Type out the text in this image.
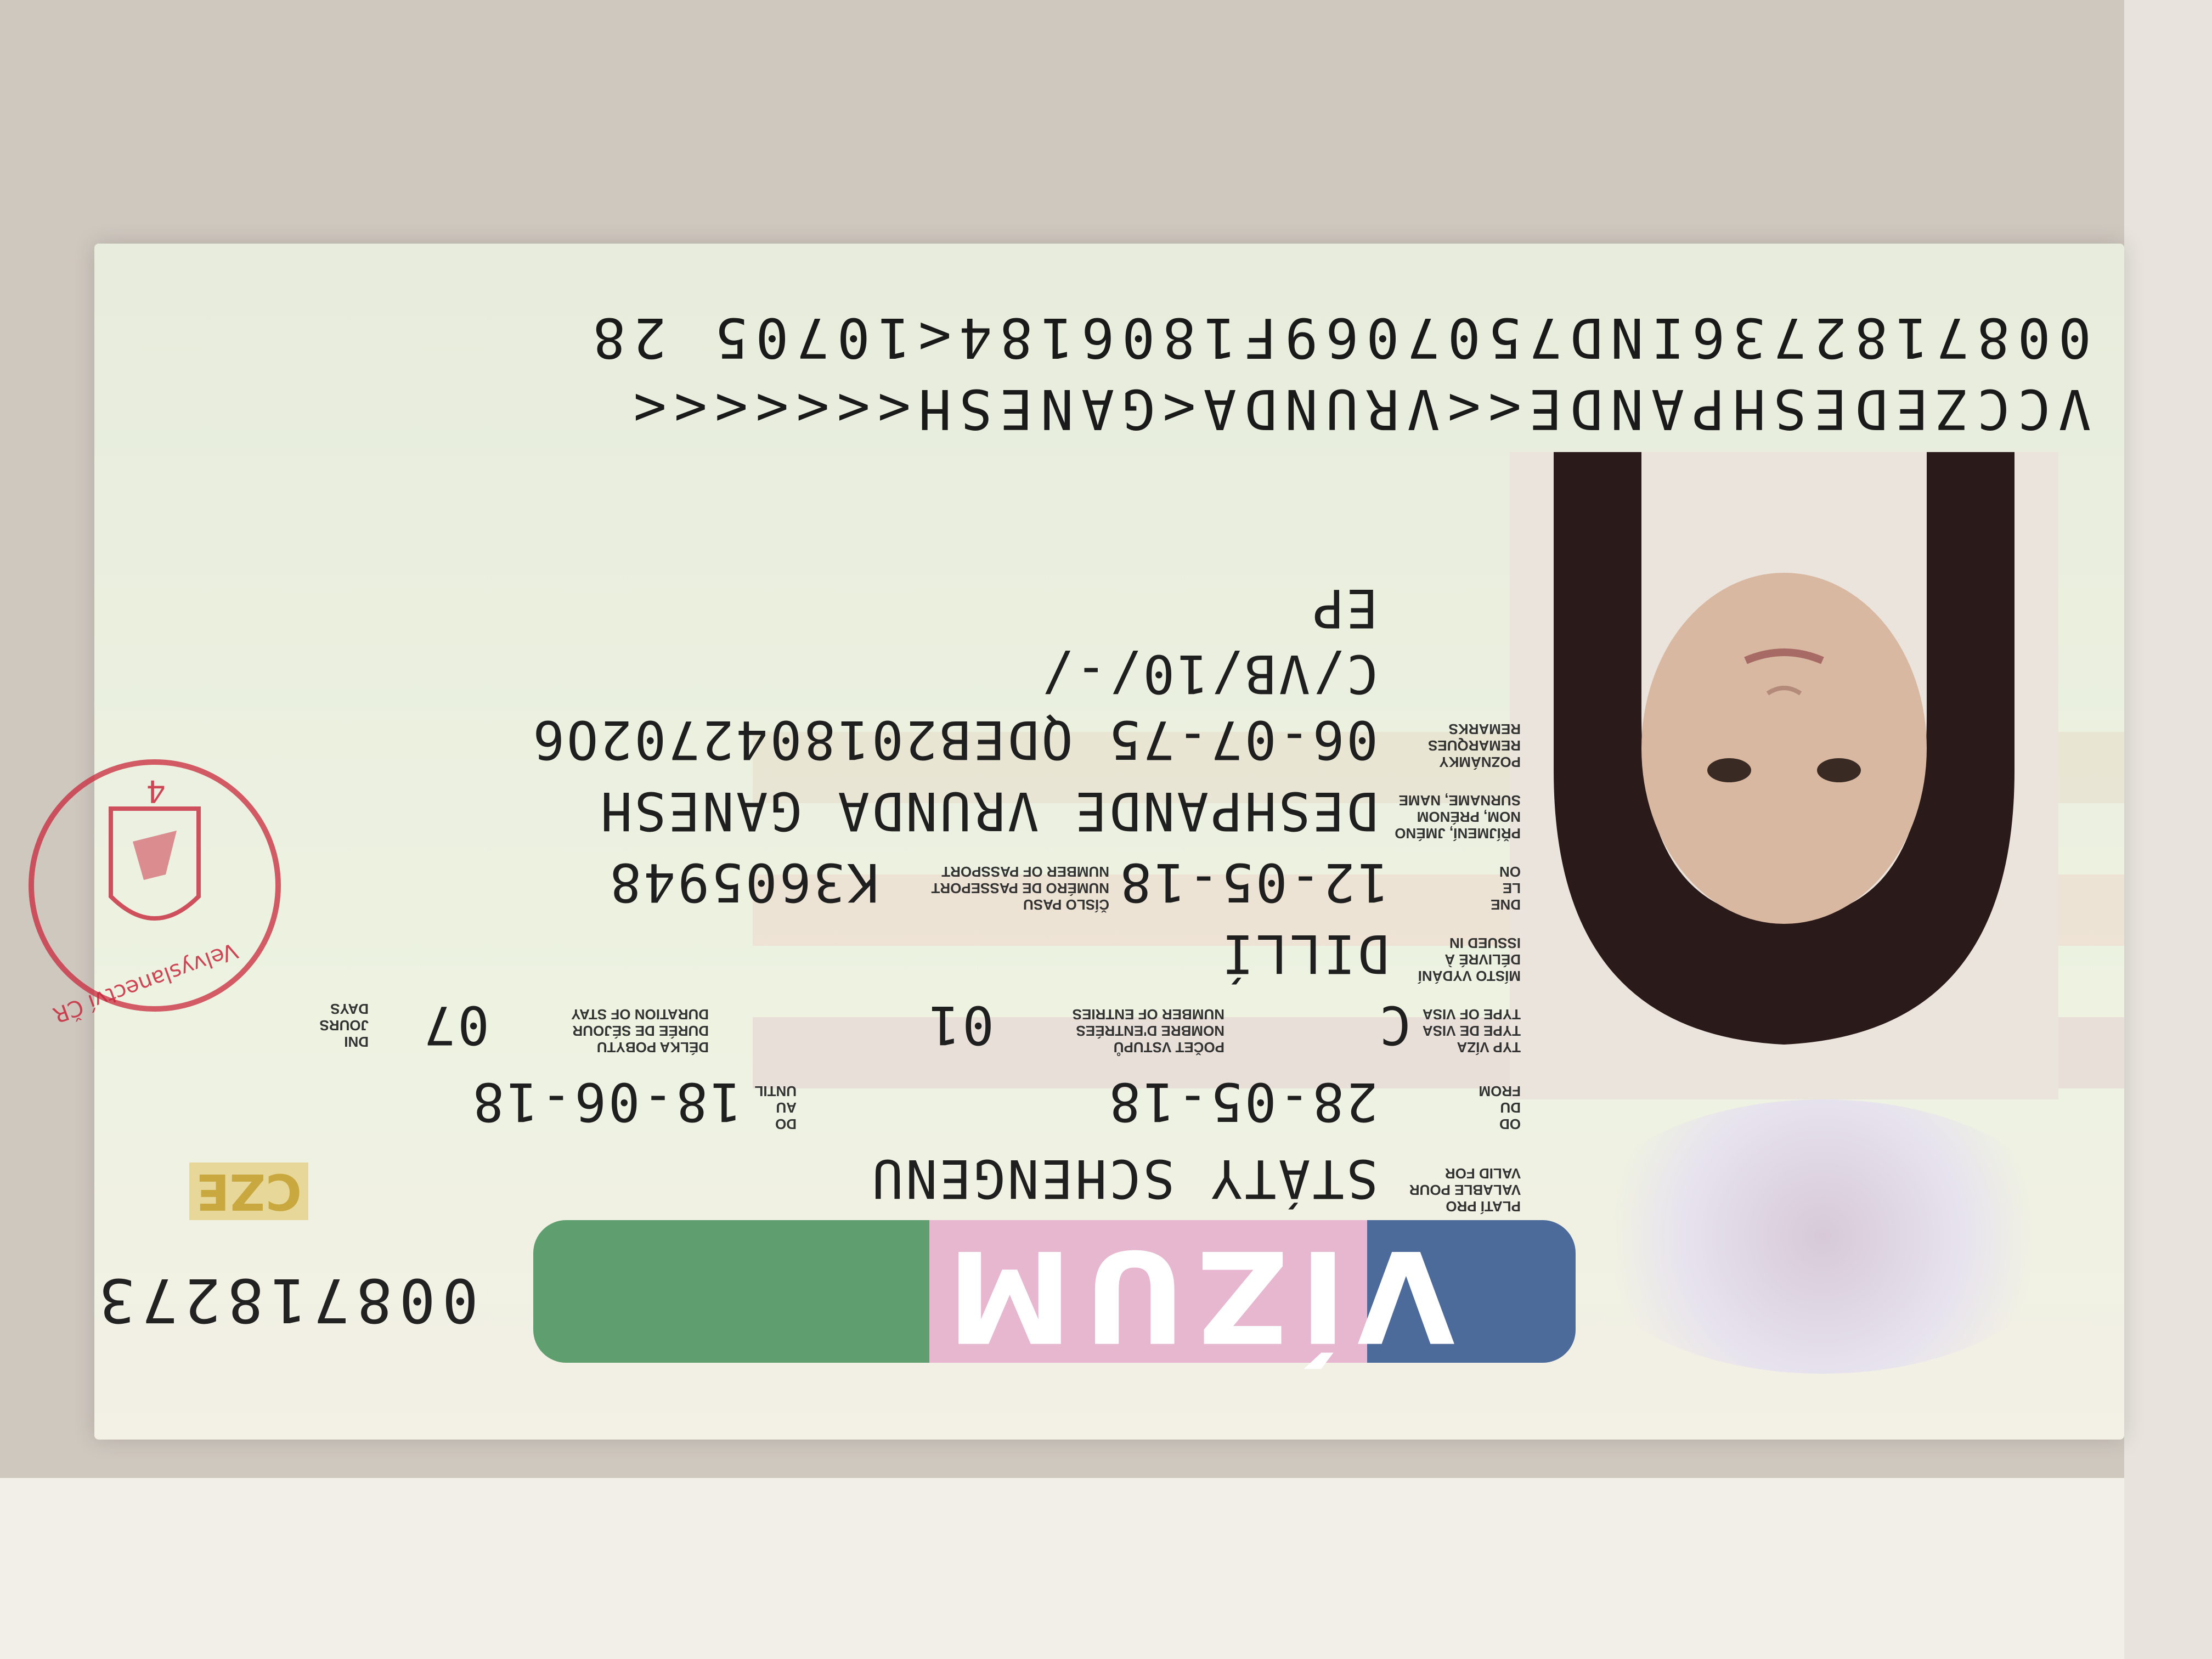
VÍZUM
00871827З
CZE	PLATÍ PRO
VALABLE POUR
VALID FOR
STÁTY SCHENGENU
OD
DU
FROM
28-05-18
DO
AU
UNTIL
18-06-18
TYP VÍZA
TYPE DE VISA
TYPE OF VISA
C
POČET VSTUPŮ
NOMBRE D'ENTRÉES
NUMBER OF ENTRIES
01
DÉLKA POBYTU
DURÉE DE SÉJOUR
DURATION OF STAY
07
DNI
JOURS
DAYS
MÍSTO VYDÁNÍ
DÉLIVRÉ À
ISSUED IN
DILLÍ
DNE
LE
ON
12-05-18
ČÍSLO PASU
NUMÉRO DE PASSEPORT
NUMBER OF PASSPORT
K3605948
PŘÍJMENÍ, JMÉNO
NOM, PRÉNOM
SURNAME, NAME
DESHPANDE VRUNDA GANESH
POZNÁMKY
REMARQUES
REMARKS
06-07-75 QDEB2018042702O6
C/VB/10/-/
EP
VCCZEDESHPANDE<<VRUNDA<GANESH<<<<<<<
0087182736IND7507069F1806184<10705 28
Velvyslanectví ČR
4
